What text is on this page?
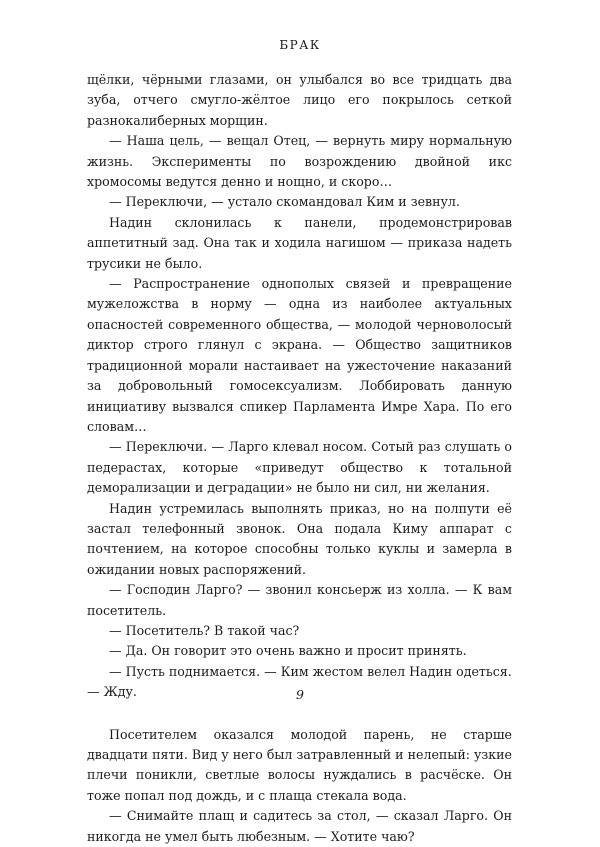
БРАК

щёлки, чёрными глазами, он улыбался во все тридцать два зуба, отчего смугло-жёлтое лицо его покрылось сеткой разнокалиберных морщин.

— Наша цель, — вещал Отец, — вернуть миру нормальную жизнь. Эксперименты по возрождению двойной икс хромосомы ведутся денно и нощно, и скоро…

— Переключи, — устало скомандовал Ким и зевнул.

Надин склонилась к панели, продемонстрировав аппетитный зад. Она так и ходила нагишом — приказа надеть трусики не было.

— Распространение однополых связей и превращение мужеложства в норму — одна из наиболее актуальных опасностей современного общества, — молодой черноволосый диктор строго глянул с экрана. — Общество защитников традиционной морали настаивает на ужесточение наказаний за добровольный гомосексуализм. Лоббировать данную инициативу вызвался спикер Парламента Имре Хара. По его словам…

— Переключи. — Ларго клевал носом. Сотый раз слушать о педерастах, которые «приведут общество к тотальной деморализации и деградации» не было ни сил, ни желания.

Надин устремилась выполнять приказ, но на полпути её застал телефонный звонок. Она подала Киму аппарат с почтением, на которое способны только куклы и замерла в ожидании новых распоряжений.

— Господин Ларго? — звонил консьерж из холла. — К вам посетитель.

— Посетитель? В такой час?

— Да. Он говорит это очень важно и просит принять.

— Пусть поднимается. — Ким жестом велел Надин одеться. — Жду.

Посетителем оказался молодой парень, не старше двадцати пяти. Вид у него был затравленный и нелепый: узкие плечи поникли, светлые волосы нуждались в расчёске. Он тоже попал под дождь, и с плаща стекала вода.

— Снимайте плащ и садитесь за стол, — сказал Ларго. Он никогда не умел быть любезным. — Хотите чаю?

9
